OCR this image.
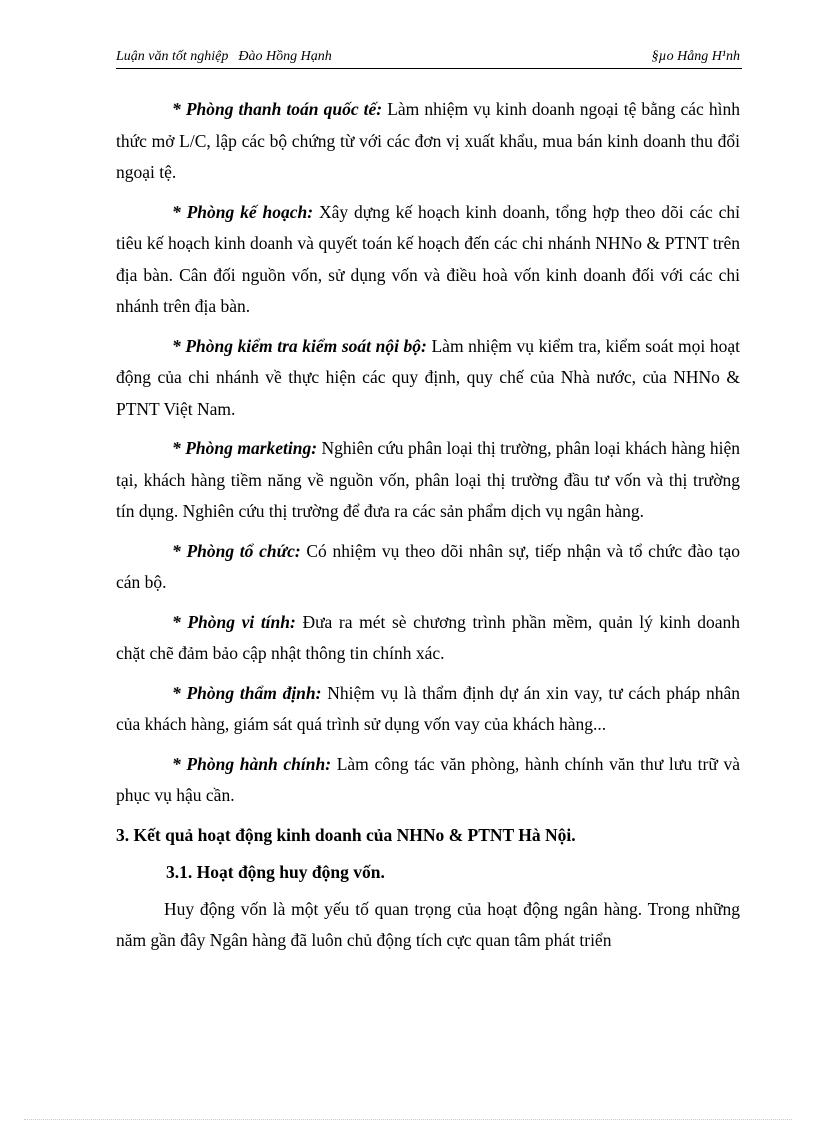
Luận văn tốt nghiệp Đào Hồng Hạnh	§µo Hång H¹nh

* Phòng thanh toán quốc tế: Làm nhiệm vụ kinh doanh ngoại tệ bằng các hình thức mở L/C, lập các bộ chứng từ với các đơn vị xuất khẩu, mua bán kinh doanh thu đổi ngoại tệ.

* Phòng kế hoạch: Xây dựng kế hoạch kinh doanh, tổng hợp theo dõi các chỉ tiêu kế hoạch kinh doanh và quyết toán kế hoạch đến các chi nhánh NHNo & PTNT trên địa bàn. Cân đối nguồn vốn, sử dụng vốn và điều hoà vốn kinh doanh đối với các chi nhánh trên địa bàn.

* Phòng kiểm tra kiểm soát nội bộ: Làm nhiệm vụ kiểm tra, kiểm soát mọi hoạt động của chi nhánh về thực hiện các quy định, quy chế của Nhà nước, của NHNo & PTNT Việt Nam.

* Phòng marketing: Nghiên cứu phân loại thị trường, phân loại khách hàng hiện tại, khách hàng tiềm năng về nguồn vốn, phân loại thị trường đầu tư vốn và thị trường tín dụng. Nghiên cứu thị trường để đưa ra các sản phẩm dịch vụ ngân hàng.

* Phòng tổ chức: Có nhiệm vụ theo dõi nhân sự, tiếp nhận và tổ chức đào tạo cán bộ.

* Phòng vi tính: Đưa ra mét sè chương trình phần mềm, quản lý kinh doanh chặt chẽ đảm bảo cập nhật thông tin chính xác.

* Phòng thẩm định: Nhiệm vụ là thẩm định dự án xin vay, tư cách pháp nhân của khách hàng, giám sát quá trình sử dụng vốn vay của khách hàng...

* Phòng hành chính: Làm công tác văn phòng, hành chính văn thư lưu trữ và phục vụ hậu cần.

3. Kết quả hoạt động kinh doanh của NHNo & PTNT Hà Nội.

3.1. Hoạt động huy động vốn.

Huy động vốn là một yếu tố quan trọng của hoạt động ngân hàng. Trong những năm gần đây Ngân hàng đã luôn chủ động tích cực quan tâm phát triển
